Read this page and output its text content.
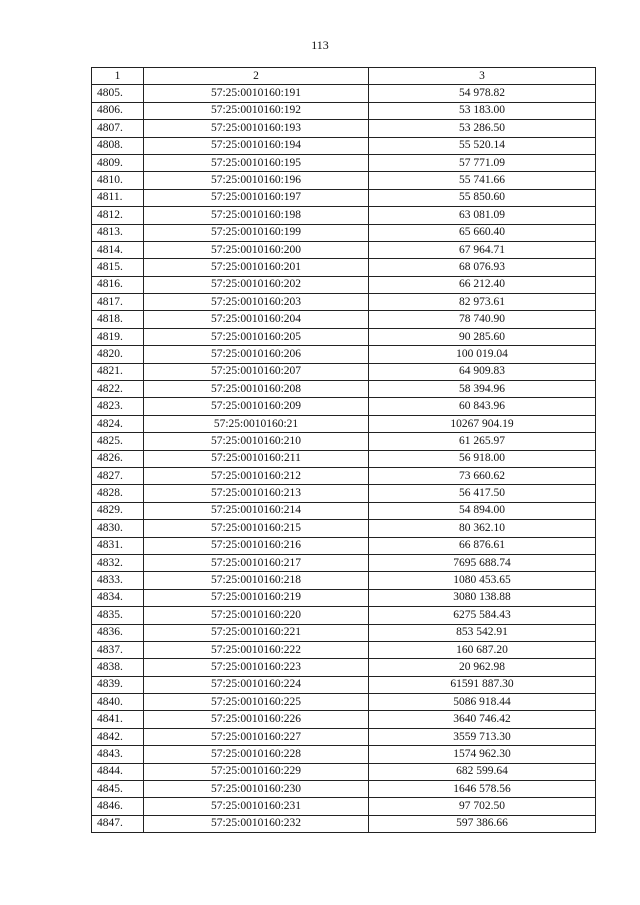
113
1	2	3
4805.	57:25:0010160:191	54 978.82
4806.	57:25:0010160:192	53 183.00
4807.	57:25:0010160:193	53 286.50
4808.	57:25:0010160:194	55 520.14
4809.	57:25:0010160:195	57 771.09
4810.	57:25:0010160:196	55 741.66
4811.	57:25:0010160:197	55 850.60
4812.	57:25:0010160:198	63 081.09
4813.	57:25:0010160:199	65 660.40
4814.	57:25:0010160:200	67 964.71
4815.	57:25:0010160:201	68 076.93
4816.	57:25:0010160:202	66 212.40
4817.	57:25:0010160:203	82 973.61
4818.	57:25:0010160:204	78 740.90
4819.	57:25:0010160:205	90 285.60
4820.	57:25:0010160:206	100 019.04
4821.	57:25:0010160:207	64 909.83
4822.	57:25:0010160:208	58 394.96
4823.	57:25:0010160:209	60 843.96
4824.	57:25:0010160:21	10267 904.19
4825.	57:25:0010160:210	61 265.97
4826.	57:25:0010160:211	56 918.00
4827.	57:25:0010160:212	73 660.62
4828.	57:25:0010160:213	56 417.50
4829.	57:25:0010160:214	54 894.00
4830.	57:25:0010160:215	80 362.10
4831.	57:25:0010160:216	66 876.61
4832.	57:25:0010160:217	7695 688.74
4833.	57:25:0010160:218	1080 453.65
4834.	57:25:0010160:219	3080 138.88
4835.	57:25:0010160:220	6275 584.43
4836.	57:25:0010160:221	853 542.91
4837.	57:25:0010160:222	160 687.20
4838.	57:25:0010160:223	20 962.98
4839.	57:25:0010160:224	61591 887.30
4840.	57:25:0010160:225	5086 918.44
4841.	57:25:0010160:226	3640 746.42
4842.	57:25:0010160:227	3559 713.30
4843.	57:25:0010160:228	1574 962.30
4844.	57:25:0010160:229	682 599.64
4845.	57:25:0010160:230	1646 578.56
4846.	57:25:0010160:231	97 702.50
4847.	57:25:0010160:232	597 386.66
